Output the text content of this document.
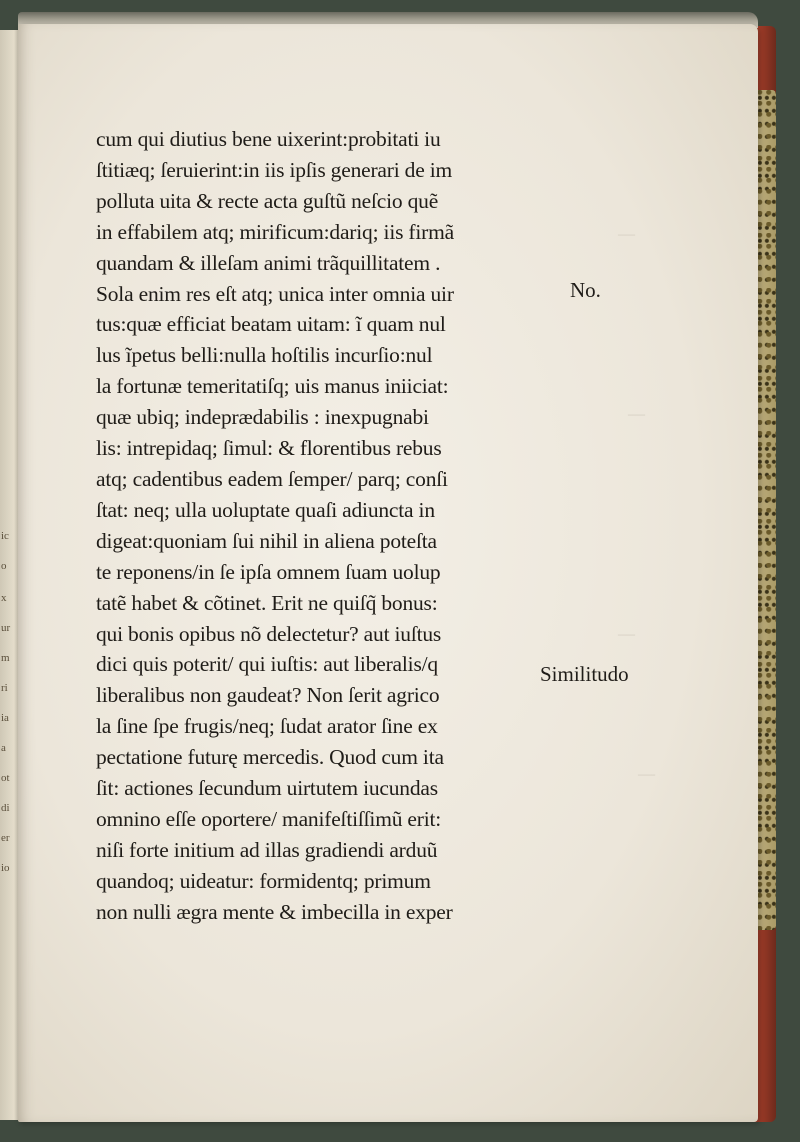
ic
o
x
ur
m
ri
ia
a
ot
di
er
io
—
—
—
—
cum qui diutius bene uixerint:probitati iu
ſtitiæq; ſeruierint:in iis ipſis generari de im
polluta uita & recte acta guſtũ neſcio quẽ
in effabilem atq; mirificum:dariq; iis firmã
quandam & illeſam animi trãquillitatem .
Sola enim res eſt atq; unica inter omnia uir
tus:quæ efficiat beatam uitam: ĩ quam nul
lus ĩpetus belli:nulla hoſtilis incurſio:nul
la fortunæ temeritatiſq; uis manus iniiciat:
quæ ubiq; indeprædabilis : inexpugnabi
lis: intrepidaq; ſimul: & florentibus rebus
atq; cadentibus eadem ſemper/ parq; conſi
ſtat: neq; ulla uoluptate quaſi adiuncta in
digeat:quoniam ſui nihil in aliena poteſta
te reponens/in ſe ipſa omnem ſuam uolup
tatẽ habet & cõtinet. Erit ne quiſq̃ bonus:
qui bonis opibus nõ delectetur? aut iuſtus
dici quis poterit/ qui iuſtis: aut liberalis/q
liberalibus non gaudeat? Non ſerit agrico
la ſine ſpe frugis/neq; ſudat arator ſine ex
pectatione futurę mercedis. Quod cum ita
ſit: actiones ſecundum uirtutem iucundas
omnino eſſe oportere/ manifeſtiſſimũ erit:
niſi forte initium ad illas gradiendi arduũ
quandoq; uideatur: formidentq; primum
non nulli ægra mente & imbecilla in exper
No.
Similitudo
